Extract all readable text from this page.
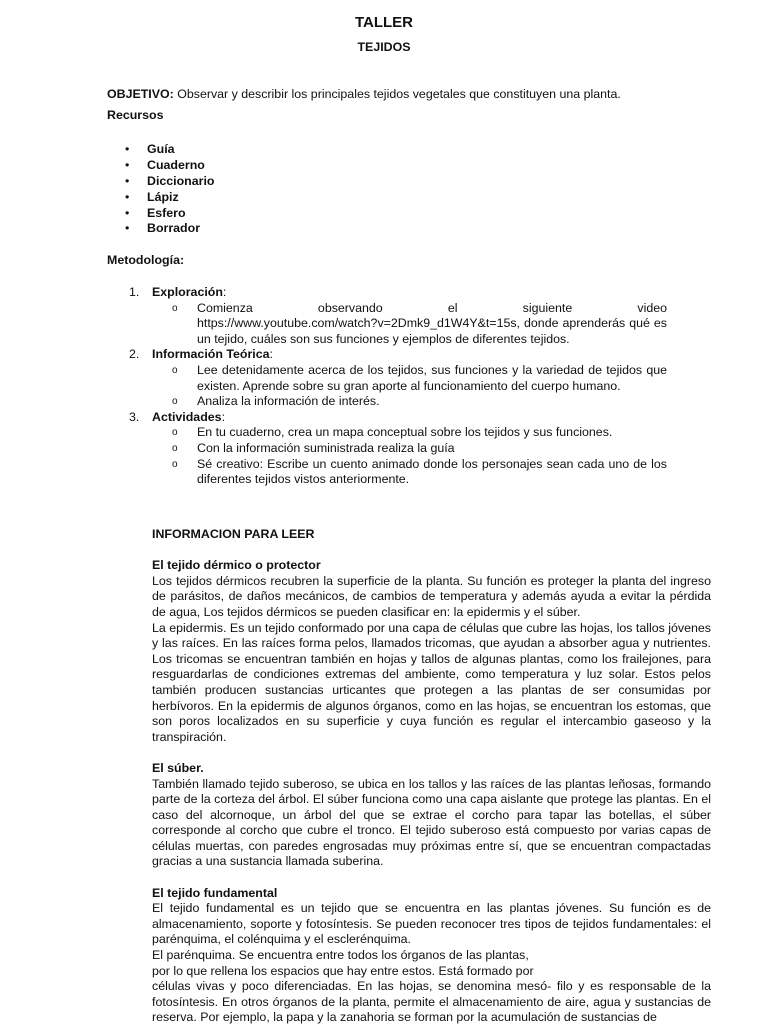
TALLER
TEJIDOS
OBJETIVO: Observar y describir los principales tejidos vegetales que constituyen una planta.
Recursos
• Guía
• Cuaderno
• Diccionario
• Lápiz
• Esfero
• Borrador
Metodología:
1. Exploración:
o Comienza observando el siguiente video
https://www.youtube.com/watch?v=2Dmk9_d1W4Y&t=15s, donde aprenderás qué es un tejido, cuáles son sus funciones y ejemplos de diferentes tejidos.
2. Información Teórica:
o Lee detenidamente acerca de los tejidos, sus funciones y la variedad de tejidos que existen. Aprende sobre su gran aporte al funcionamiento del cuerpo humano.
o Analiza la información de interés.
3. Actividades:
o En tu cuaderno, crea un mapa conceptual sobre los tejidos y sus funciones.
o Con la información suministrada realiza la guía
o Sé creativo: Escribe un cuento animado donde los personajes sean cada uno de los diferentes tejidos vistos anteriormente.
INFORMACION PARA LEER
El tejido dérmico o protector

Los tejidos dérmicos recubren la superficie de la planta. Su función es proteger la planta del ingreso de parásitos, de daños mecánicos, de cambios de temperatura y además ayuda a evitar la pérdida de agua, Los tejidos dérmicos se pueden clasificar en: la epidermis y el súber.

La epidermis. Es un tejido conformado por una capa de células que cubre las hojas, los tallos jóvenes y las raíces. En las raíces forma pelos, llamados tricomas, que ayudan a absorber agua y nutrientes. Los tricomas se encuentran también en hojas y tallos de algunas plantas, como los frailejones, para resguardarlas de condiciones extremas del ambiente, como temperatura y luz solar. Estos pelos también producen sustancias urticantes que protegen a las plantas de ser consumidas por herbívoros. En la epidermis de algunos órganos, como en las hojas, se encuentran los estomas, que son poros localizados en su superficie y cuya función es regular el intercambio gaseoso y la transpiración.

El súber.

También llamado tejido suberoso, se ubica en los tallos y las raíces de las plantas leñosas, formando parte de la corteza del árbol. El súber funciona como una capa aislante que protege las plantas. En el caso del alcornoque, un árbol del que se extrae el corcho para tapar las botellas, el súber corresponde al corcho que cubre el tronco. El tejido suberoso está compuesto por varias capas de células muertas, con paredes engrosadas muy próximas entre sí, que se encuentran compactadas gracias a una sustancia llamada suberina.

El tejido fundamental

El tejido fundamental es un tejido que se encuentra en las plantas jóvenes. Su función es de almacenamiento, soporte y fotosíntesis. Se pueden reconocer tres tipos de tejidos fundamentales: el parénquima, el colénquima y el esclerénquima.

El parénquima. Se encuentra entre todos los órganos de las plantas,

por lo que rellena los espacios que hay entre estos. Está formado por

células vivas y poco diferenciadas. En las hojas, se denomina mesó- filo y es responsable de la fotosíntesis. En otros órganos de la planta, permite el almacenamiento de aire, agua y sustancias de reserva. Por ejemplo, la papa y la zanahoria se forman por la acumulación de sustancias de
